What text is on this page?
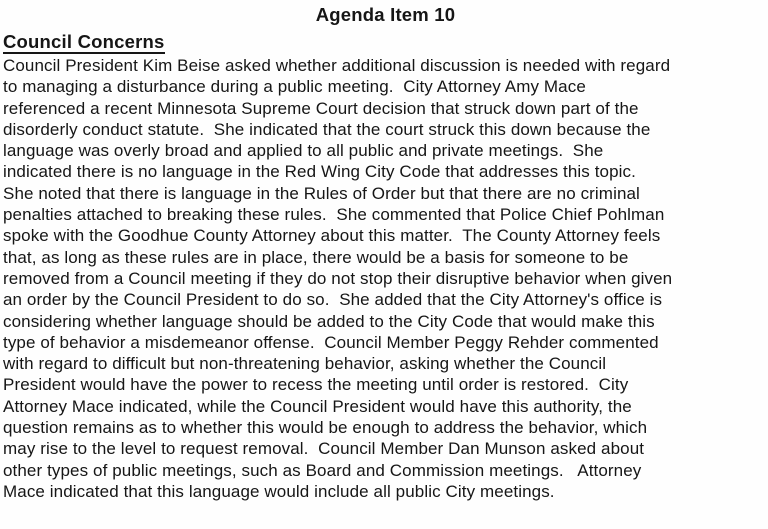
Agenda Item 10
Council Concerns
Council President Kim Beise asked whether additional discussion is needed with regard
to managing a disturbance during a public meeting.  City Attorney Amy Mace
referenced a recent Minnesota Supreme Court decision that struck down part of the
disorderly conduct statute.  She indicated that the court struck this down because the
language was overly broad and applied to all public and private meetings.  She
indicated there is no language in the Red Wing City Code that addresses this topic.
She noted that there is language in the Rules of Order but that there are no criminal
penalties attached to breaking these rules.  She commented that Police Chief Pohlman
spoke with the Goodhue County Attorney about this matter.  The County Attorney feels
that, as long as these rules are in place, there would be a basis for someone to be
removed from a Council meeting if they do not stop their disruptive behavior when given
an order by the Council President to do so.  She added that the City Attorney's office is
considering whether language should be added to the City Code that would make this
type of behavior a misdemeanor offense.  Council Member Peggy Rehder commented
with regard to difficult but non-threatening behavior, asking whether the Council
President would have the power to recess the meeting until order is restored.  City
Attorney Mace indicated, while the Council President would have this authority, the
question remains as to whether this would be enough to address the behavior, which
may rise to the level to request removal.  Council Member Dan Munson asked about
other types of public meetings, such as Board and Commission meetings.   Attorney
Mace indicated that this language would include all public City meetings.
